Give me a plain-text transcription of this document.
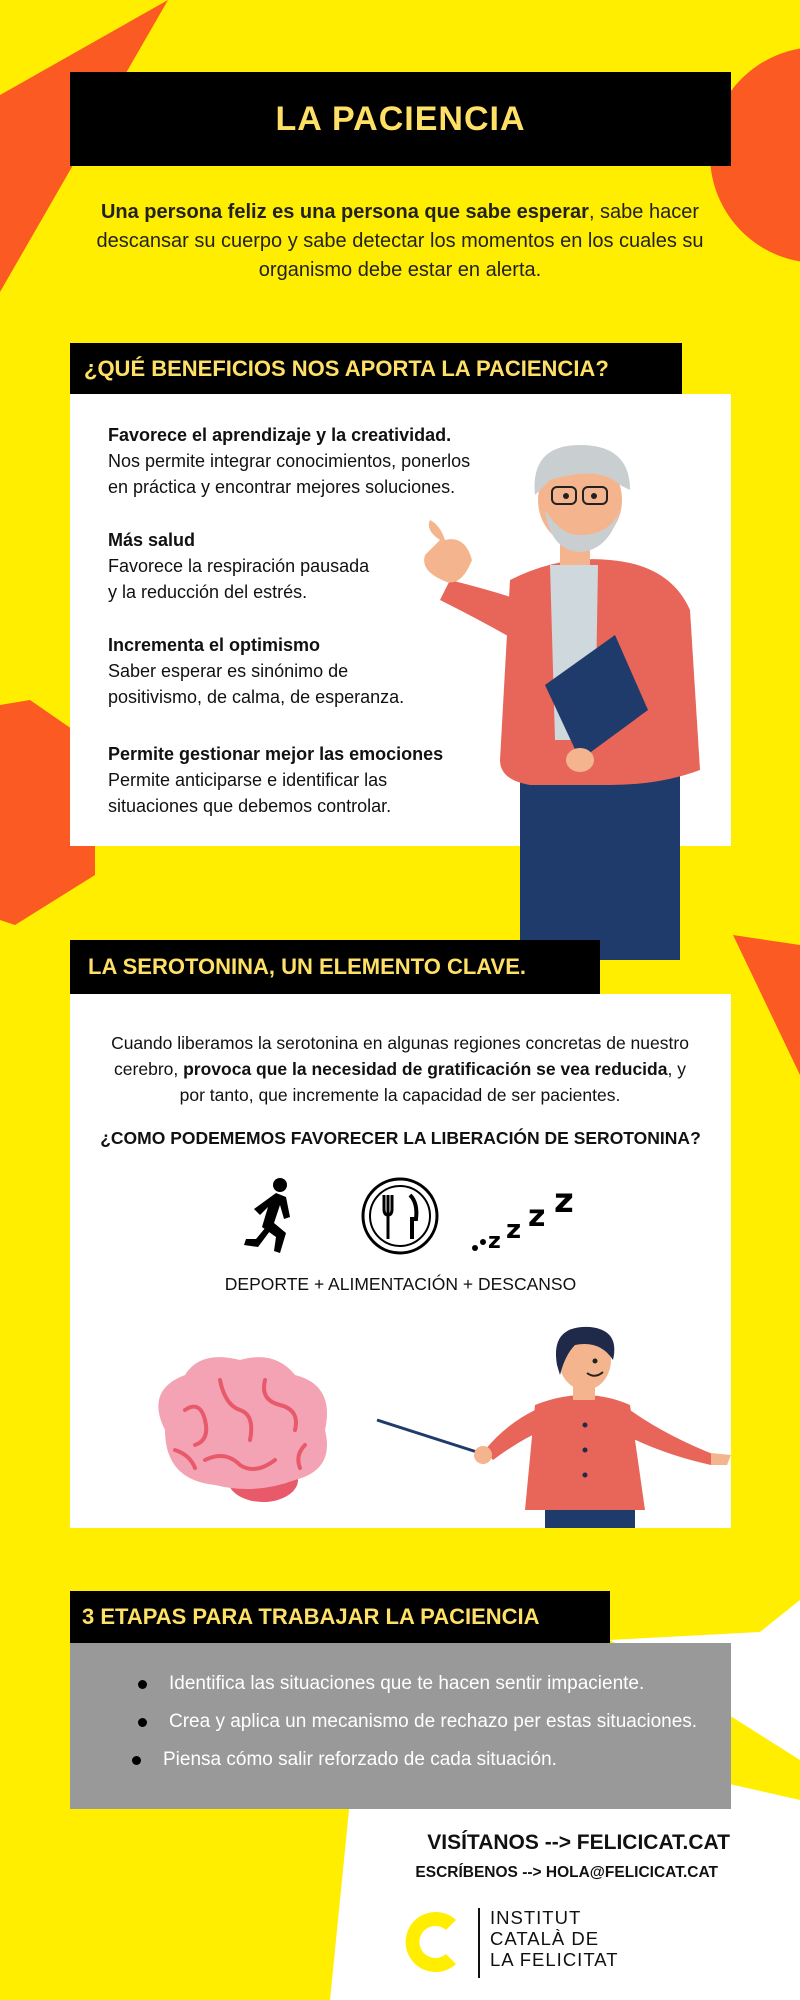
LA PACIENCIA
Una persona feliz es una persona que sabe esperar, sabe hacer descansar su cuerpo y sabe detectar los momentos en los cuales su organismo debe estar en alerta.
¿QUÉ BENEFICIOS NOS APORTA LA PACIENCIA?
Favorece el aprendizaje y la creatividad.
Nos permite integrar conocimientos, ponerlos
en práctica y encontrar mejores soluciones.
Más salud
Favorece la respiración pausada
y la reducción del estrés.
Incrementa el optimismo
Saber esperar es sinónimo de
positivismo, de calma, de esperanza.
Permite gestionar mejor las emociones
Permite anticiparse e identificar las
situaciones que debemos controlar.
LA SEROTONINA, UN ELEMENTO CLAVE.
Cuando liberamos la serotonina en algunas regiones concretas de nuestro cerebro, provoca que la necesidad de gratificación se vea reducida, y por tanto, que incremente la capacidad de ser pacientes.
¿COMO PODEMEMOS FAVORECER LA LIBERACIÓN DE SEROTONINA?
z z z z
DEPORTE + ALIMENTACIÓN + DESCANSO
3 ETAPAS PARA TRABAJAR LA PACIENCIA
Identifica las situaciones que te hacen sentir impaciente.
Crea y aplica un mecanismo de rechazo per estas situaciones.
Piensa cómo salir reforzado de cada situación.
VISÍTANOS --> FELICICAT.CAT
ESCRÍBENOS --> HOLA@FELICICAT.CAT
INSTITUT
CATALÀ DE
LA FELICITAT
